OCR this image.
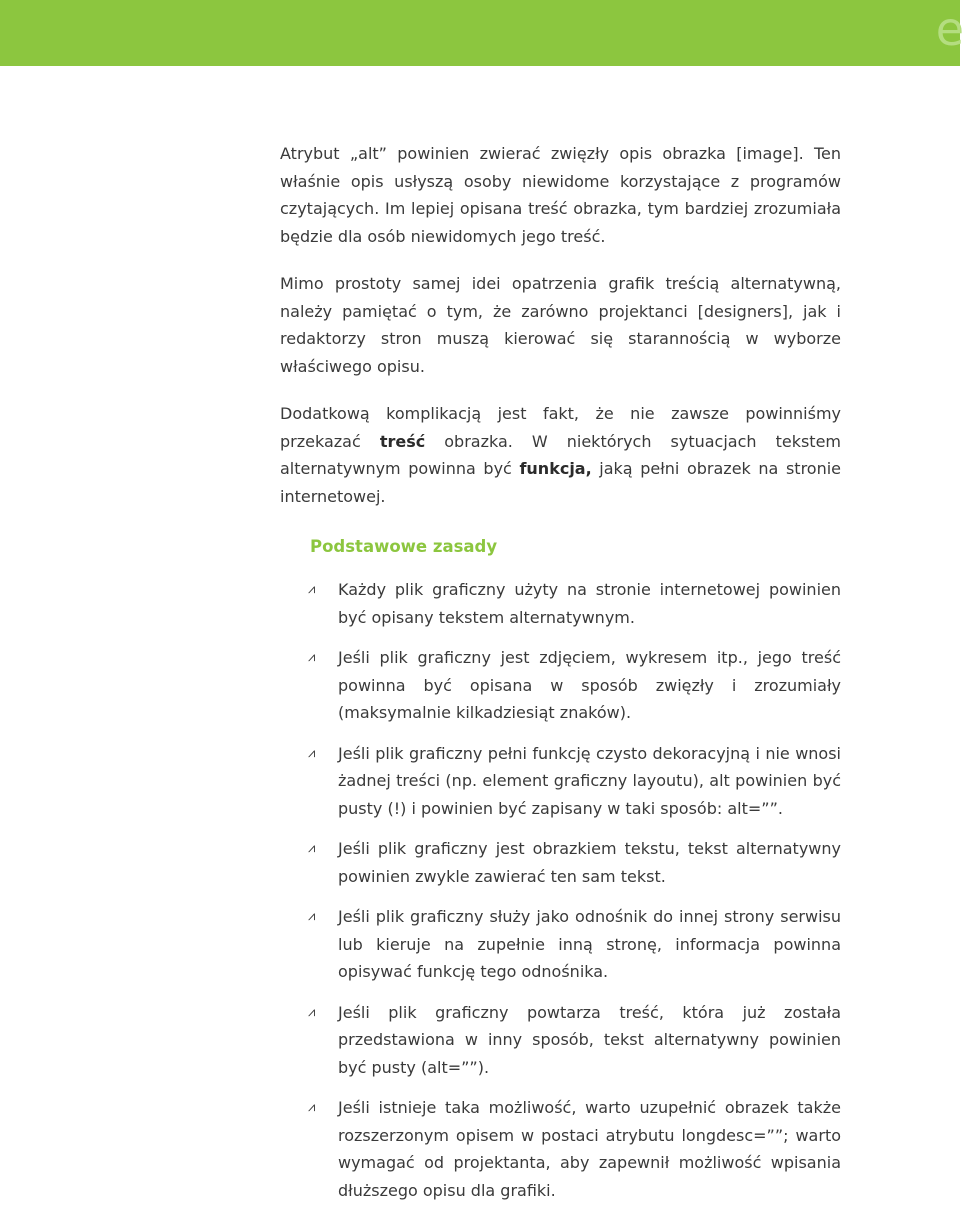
e

Atrybut „alt” powinien zwierać zwięzły opis obrazka [image]. Ten właśnie opis usłyszą osoby niewidome korzystające z programów czytających. Im lepiej opisana treść obrazka, tym bardziej zrozumiała będzie dla osób niewidomych jego treść.

Mimo prostoty samej idei opatrzenia grafik treścią alternatywną, należy pamiętać o tym, że zarówno projektanci [designers], jak i redaktorzy stron muszą kierować się starannością w wyborze właściwego opisu.

Dodatkową komplikacją jest fakt, że nie zawsze powinniśmy przekazać treść obrazka. W niektórych sytuacjach tekstem alternatywnym powinna być funkcja, jaką pełni obrazek na stronie internetowej.

Podstawowe zasady
⩘ Każdy plik graficzny użyty na stronie internetowej powinien być opisany tekstem alternatywnym.
⩘ Jeśli plik graficzny jest zdjęciem, wykresem itp., jego treść powinna być opisana w sposób zwięzły i zrozumiały (maksymalnie kilkadziesiąt znaków).
⩘ Jeśli plik graficzny pełni funkcję czysto dekoracyjną i nie wnosi żadnej treści (np. element graficzny layoutu), alt powinien być pusty (!) i powinien być zapisany w taki sposób: alt=””.
⩘ Jeśli plik graficzny jest obrazkiem tekstu, tekst alternatywny powinien zwykle zawierać ten sam tekst.
⩘ Jeśli plik graficzny służy jako odnośnik do innej strony serwisu lub kieruje na zupełnie inną stronę, informacja powinna opisywać funkcję tego odnośnika.
⩘ Jeśli plik graficzny powtarza treść, która już została przedstawiona w inny sposób, tekst alternatywny powinien być pusty (alt=””).
⩘ Jeśli istnieje taka możliwość, warto uzupełnić obrazek także rozszerzonym opisem w postaci atrybutu longdesc=””; warto wymagać od projektanta, aby zapewnił możliwość wpisania dłuższego opisu dla grafiki.
